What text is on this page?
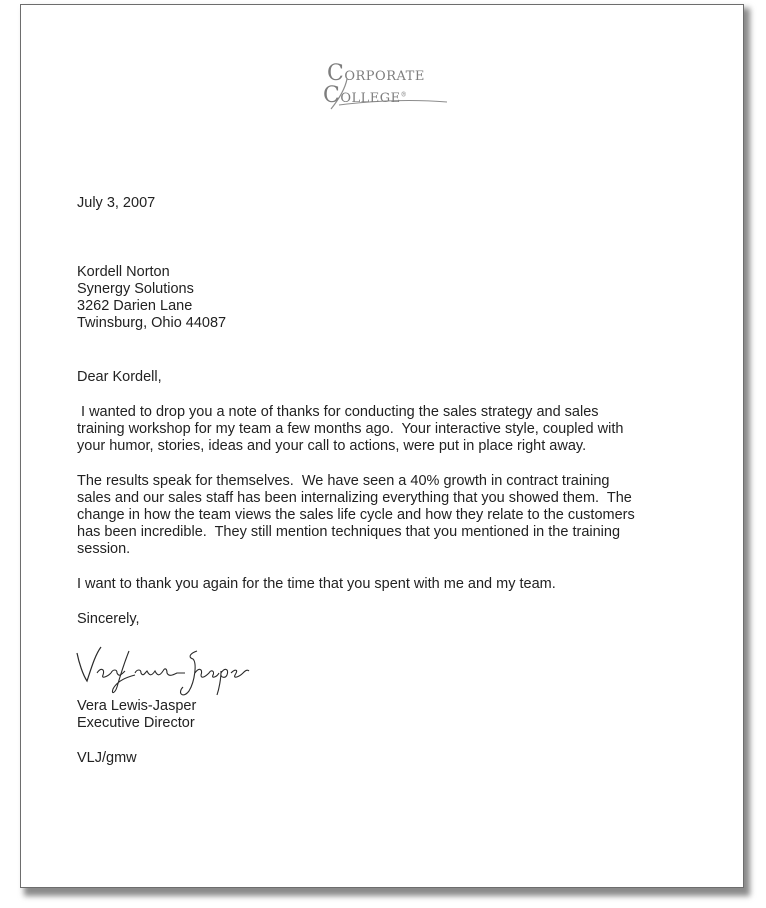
CORPORATE
COLLEGE®
July 3, 2007
Kordell Norton
Synergy Solutions
3262 Darien Lane
Twinsburg, Ohio 44087
Dear Kordell,
I wanted to drop you a note of thanks for conducting the sales strategy and sales
training workshop for my team a few months ago.  Your interactive style, coupled with
your humor, stories, ideas and your call to actions, were put in place right away.
The results speak for themselves.  We have seen a 40% growth in contract training
sales and our sales staff has been internalizing everything that you showed them.  The
change in how the team views the sales life cycle and how they relate to the customers
has been incredible.  They still mention techniques that you mentioned in the training
session.
I want to thank you again for the time that you spent with me and my team.
Sincerely,
Vera Lewis-Jasper
Executive Director
VLJ/gmw
